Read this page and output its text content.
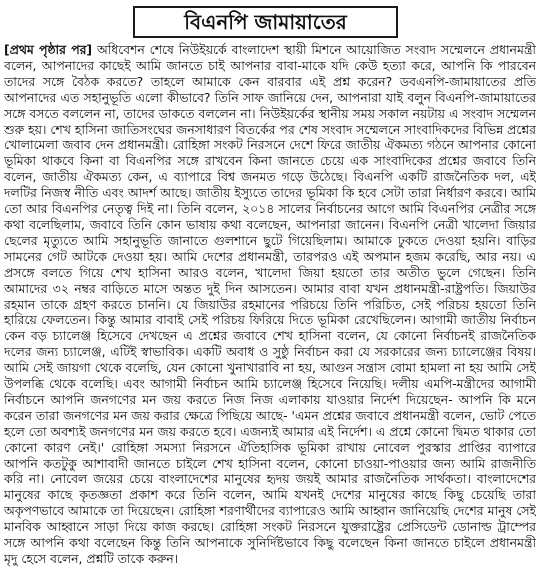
বিএনপি জামায়াতের

[প্রথম পৃষ্ঠার পর] অধিবেশন শেষে নিউইয়র্কে বাংলাদেশ স্থায়ী মিশনে আয়োজিত সংবাদ সম্মেলনে প্রধানমন্ত্রী বলেন, আপনাদের কাছেই আমি জানতে চাই আপনার বাবা-মাকে যদি কেউ হত্যা করে, আপনি কি পারবেন তাদের সঙ্গে বৈঠক করতে? তাহলে আমাকে কেন বারবার এই প্রশ্ন করেন? ডবএনপি-জামায়াতের প্রতি আপনাদের এত সহানুভূতি এলো কীভাবে? তিনি সাফ জানিয়ে দেন, আপনারা যাই বলুন বিএনপি-জামায়াতের সঙ্গে বসতে বললেন না, তাদের ডাকতে বললেন না। নিউইয়র্কের স্থানীয় সময় সকাল নয়টায় এ সংবাদ সম্মেলন শুরু হয়। শেখ হাসিনা জাতিসংঘের জনসাধারণ বিতর্কের পর শেষ সংবাদ সম্মেলনে সাংবাদিকদের বিভিন্ন প্রশ্নের খোলামেলা জবাব দেন প্রধানমন্ত্রী। রোহিঙ্গা সংকট নিরসনে দেশে ফিরে জাতীয় ঐকমত্য গঠনে আপনার কোনো ভূমিকা থাকবে কিনা বা বিএনপির সঙ্গে রাখবেন কিনা জানতে চেয়ে এক সাংবাদিকের প্রশ্নের জবাবে তিনি বলেন, জাতীয় ঐকমত্য কেন, এ ব্যাপারে বিশ্ব জনমত গড়ে উঠেছে। বিএনপি একটি রাজনৈতিক দল, এই দলটির নিজস্ব নীতি এবং আদর্শ আছে। জাতীয় ইস্যুতে তাদের ভূমিকা কি হবে সেটা তারা নির্ধারণ করবে। আমি তো আর বিএনপির নেতৃত্ব দিই না। তিনি বলেন, ২০১৪ সালের নির্বাচনের আগে আমি বিএনপির নেত্রীর সঙ্গে কথা বলেছিলাম, জবাবে তিনি কোন ভাষায় কথা বলেছেন, আপনারা জানেন। বিএনপি নেত্রী খালেদা জিয়ার ছেলের মৃত্যুতে আমি সহানুভূতি জানাতে গুলশানে ছুটে গিয়েছিলাম। আমাকে ঢুকতে দেওয়া হয়নি। বাড়ির সামনের গেট আটকে দেওয়া হয়। আমি দেশের প্রধানমন্ত্রী, তারপরও এই অপমান হজম করেছি, আর নয়। এ প্রসঙ্গে বলতে গিয়ে শেখ হাসিনা আরও বলেন, খালেদা জিয়া হয়তো তার অতীত ভুলে গেছেন। তিনি আমাদের ৩২ নম্বর বাড়িতে মাসে অন্তত দুই দিন আসতেন। আমার বাবা যখন প্রধানমন্ত্রী-রাষ্ট্রপতি। জিয়াউর রহমান তাকে গ্রহণ করতে চাননি। যে জিয়াউর রহমানের পরিচয়ে তিনি পরিচিত, সেই পরিচয় হয়তো তিনি হারিয়ে ফেলতেন। কিন্তু আমার বাবাই সেই পরিচয় ফিরিয়ে দিতে ভূমিকা রেখেছিলেন। আগামী জাতীয় নির্বাচন কেন বড় চ্যালেঞ্জ হিসেবে দেখছেন এ প্রশ্নের জবাবে শেখ হাসিনা বলেন, যে কোনো নির্বাচনই রাজনৈতিক দলের জন্য চ্যালেঞ্জ, এটিই স্বাভাবিক। একটি অবাধ ও সুষ্ঠু নির্বাচন করা যে সরকারের জন্য চ্যালেঞ্জের বিষয়। আমি সেই জায়গা থেকে বলেছি, যেন কোনো খুনাখারাবি না হয়, আগুন সন্ত্রাস বোমা হামলা না হয় আমি সেই উপলব্ধি থেকে বলেছি। এবং আগামী নির্বাচন আমি চ্যালেঞ্জ হিসেবে নিয়েছি। দলীয় এমপি-মন্ত্রীদের আগামী নির্বাচনে আপনি জনগণের মন জয় করতে নিজ নিজ এলাকায় যাওয়ার নির্দেশ দিয়েছেন- আপনি কি মনে করেন তারা জনগণের মন জয় করার ক্ষেত্রে পিছিয়ে আছে- 'এমন প্রশ্নের জবাবে প্রধানমন্ত্রী বলেন, ভোট পেতে হলে তো অবশ্যই জনগণের মন জয় করতে হবে। এজন্যই আমার এই নির্দেশ। এ প্রশ্নে কোনো দ্বিমত থাকার তো কোনো কারণ নেই।' রোহিঙ্গা সমস্যা নিরসনে ঐতিহাসিক ভূমিকা রাখায় নোবেল পুরস্কার প্রাপ্তির ব্যাপারে আপনি কতটুকু আশাবাদী জানতে চাইলে শেখ হাসিনা বলেন, কোনো চাওয়া-পাওয়ার জন্য আমি রাজনীতি করি না। নোবেল জয়ের চেয়ে বাংলাদেশের মানুষের হৃদয় জয়ই আমার রাজনৈতিক সার্থকতা। বাংলাদেশের মানুষের কাছে কৃতজ্ঞতা প্রকাশ করে তিনি বলেন, আমি যখনই দেশের মানুষের কাছে কিছু চেয়েছি তারা অকৃপণভাবে আমাকে তা দিয়েছেন। রোহিঙ্গা শরণার্থীদের ব্যাপারেও আমি আহ্বান জানিয়েছি দেশের মানুষ সেই মানবিক আহ্বানে সাড়া দিয়ে কাজ করছে। রোহিঙ্গা সংকট নিরসনে যুক্তরাষ্ট্রের প্রেসিডেন্ট ডোনাল্ড ট্রাম্পের সঙ্গে আপনি কথা বলেছেন কিন্তু তিনি আপনাকে সুনির্দিষ্টভাবে কিছু বলেছেন কিনা জানতে চাইলে প্রধানমন্ত্রী মৃদু হেসে বলেন, প্রশ্নটি তাকে করুন।
